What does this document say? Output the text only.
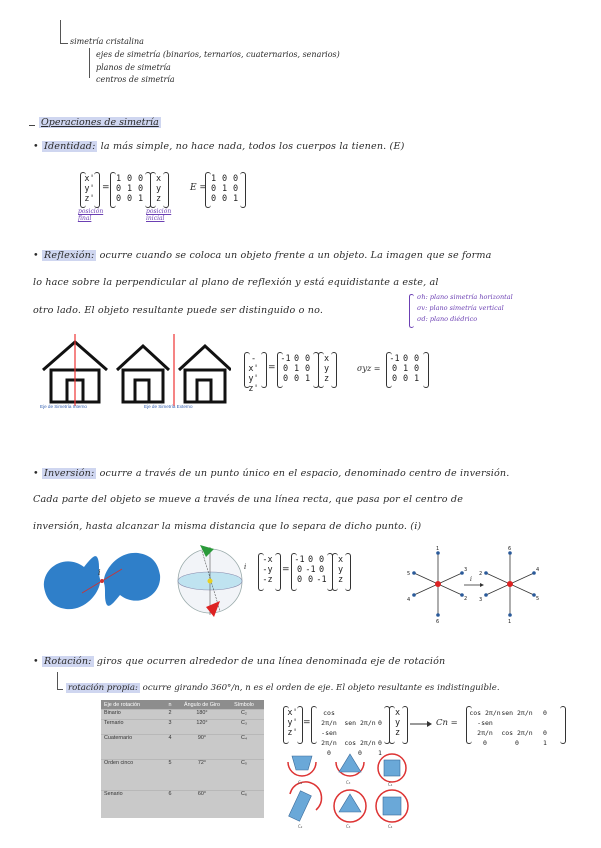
simetría cristalina
ejes de simetría (binarios, ternarios, cuaternarios, senarios)
planos de simetría
centros de simetría
Operaciones de simetría
• Identidad: la más simple, no hace nada, todos los cuerpos la tienen. (E)
x'
y'
z'
=
1 0 0
0 1 0
0 0 1
x
y
z
posición final
posición inicial
E =
1 0 0
0 1 0
0 0 1
• Reflexión: ocurre cuando se coloca un objeto frente a un objeto. La imagen que se forma
lo hace sobre la perpendicular al plano de reflexión y está equidistante a este, al
otro lado. El objeto resultante puede ser distinguido o no.
σh: plano simetría horizontal
σv: plano simetría vertical
σd: plano diédrico
Eje de Simetría Interno	Eje de Simetría Externo
-x'
y'
z'
=
-1 0 0
0 1 0
0 0 1
x
y
z
σyz =
-1 0 0
0 1 0
0 0 1
• Inversión: ocurre a través de un punto único en el espacio, denominado centro de inversión.
Cada parte del objeto se mueve a través de una línea recta, que pasa por el centro de
inversión, hasta alcanzar la misma distancia que lo separa de dicho punto. (i)
i
i
-x
-y
-z
=
-1 0 0
0 -1 0
0 0 -1
x
y
z
1
6
5
2
4
3
i
6
1
2
5
3
4
• Rotación: giros que ocurren alrededor de una línea denominada eje de rotación
rotación propia: ocurre girando 360°/n, n es el orden de eje. El objeto resultante es indistinguible.
Eje de rotación	n	Ángulo de Giro	Símbolo
Binario	2	180°	C₂
Ternario	3	120°	C₃
Cuaternario	4	90°	C₄
Orden cinco	5	72°	C₅
Senario	6	60°	C₆
x'
y'
z'
=
cos 2π/n sen 2π/n 0
-sen 2π/n cos 2π/n 0
0	0 1
x
y
z
Cn =
cos 2π/nsen 2π/n 0
-sen 2π/n cos 2π/n 0
0	0	1
C₂	C₃	C₄
C₂	C₃	C₄
